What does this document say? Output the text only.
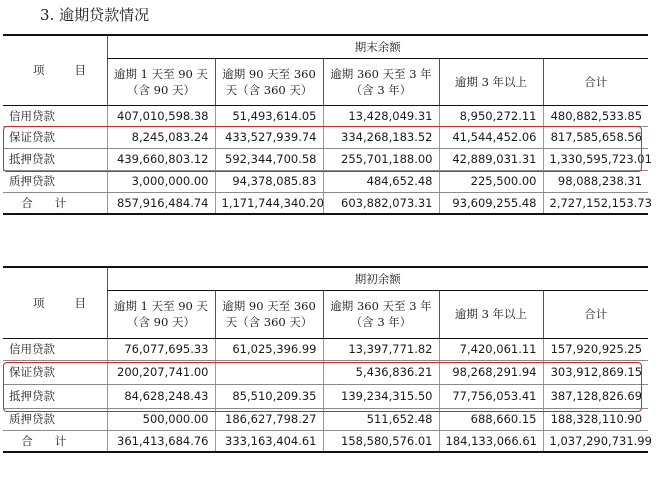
3. 逾期贷款情况
项目	期末余额				
	逾期 1 天至 90 天（含 90 天）	逾期 90 天至 360 天（含 360 天）	逾期 360 天至 3 年（含 3 年）	逾期 3 年以上	合计
信用贷款	407,010,598.38	51,493,614.05	13,428,049.31	8,950,272.11	480,882,533.85
保证贷款	8,245,083.24	433,527,939.74	334,268,183.52	41,544,452.06	817,585,658.56
抵押贷款	439,660,803.12	592,344,700.58	255,701,188.00	42,889,031.31	1,330,595,723.01
质押贷款	3,000,000.00	94,378,085.83	484,652.48	225,500.00	98,088,238.31
合计	857,916,484.74	1,171,744,340.20	603,882,073.31	93,609,255.48	2,727,152,153.73
项目	期初余额				
	逾期 1 天至 90 天（含 90 天）	逾期 90 天至 360 天（含 360 天）	逾期 360 天至 3 年（含 3 年）	逾期 3 年以上	合计
信用贷款	76,077,695.33	61,025,396.99	13,397,771.82	7,420,061.11	157,920,925.25
保证贷款	200,207,741.00		5,436,836.21	98,268,291.94	303,912,869.15
抵押贷款	84,628,248.43	85,510,209.35	139,234,315.50	77,756,053.41	387,128,826.69
质押贷款	500,000.00	186,627,798.27	511,652.48	688,660.15	188,328,110.90
合计	361,413,684.76	333,163,404.61	158,580,576.01	184,133,066.61	1,037,290,731.99
